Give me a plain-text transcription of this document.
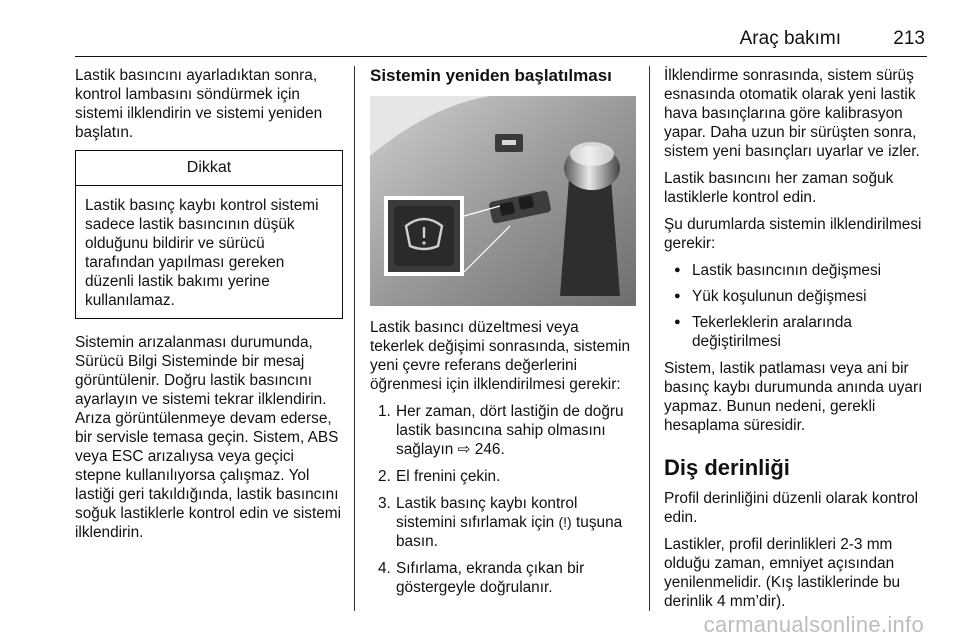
Araç bakımı	213

Lastik basıncını ayarladıktan sonra, kontrol lambasını söndürmek için sistemi ilklendirin ve sistemi yeniden başlatın.

Dikkat
Lastik basınç kaybı kontrol sistemi sadece lastik basıncının düşük olduğunu bildirir ve sürücü tarafından yapılması gereken düzenli lastik bakımı yerine kullanılamaz.

Sistemin arızalanması durumunda, Sürücü Bilgi Sisteminde bir mesaj görüntülenir. Doğru lastik basıncını ayarlayın ve sistemi tekrar ilklendirin. Arıza görüntülenmeye devam ederse, bir servisle temasa geçin. Sistem, ABS veya ESC arızalıysa veya geçici stepne kullanılıyorsa çalışmaz. Yol lastiği geri takıldığında, lastik basıncını soğuk lastiklerle kontrol edin ve sistemi ilklendirin.

Sistemin yeniden başlatılması

Lastik basıncı düzeltmesi veya tekerlek değişimi sonrasında, sistemin yeni çevre referans değerlerini öğrenmesi için ilklendirilmesi gerekir:

1. Her zaman, dört lastiğin de doğru lastik basıncına sahip olmasını sağlayın ⇨ 246.
2. El frenini çekin.
3. Lastik basınç kaybı kontrol sistemini sıfırlamak için (!) tuşuna basın.
4. Sıfırlama, ekranda çıkan bir göstergeyle doğrulanır.

İlklendirme sonrasında, sistem sürüş esnasında otomatik olarak yeni lastik hava basınçlarına göre kalibrasyon yapar. Daha uzun bir sürüşten sonra, sistem yeni basınçları uyarlar ve izler.

Lastik basıncını her zaman soğuk lastiklerle kontrol edin.

Şu durumlarda sistemin ilklendirilmesi gerekir:

● Lastik basıncının değişmesi
● Yük koşulunun değişmesi
● Tekerleklerin aralarında değiştirilmesi

Sistem, lastik patlaması veya ani bir basınç kaybı durumunda anında uyarı yapmaz. Bunun nedeni, gerekli hesaplama süresidir.

Diş derinliği

Profil derinliğini düzenli olarak kontrol edin.

Lastikler, profil derinlikleri 2-3 mm olduğu zaman, emniyet açısından yenilenmelidir. (Kış lastiklerinde bu derinlik 4 mm’dir).

carmanualsonline.info
